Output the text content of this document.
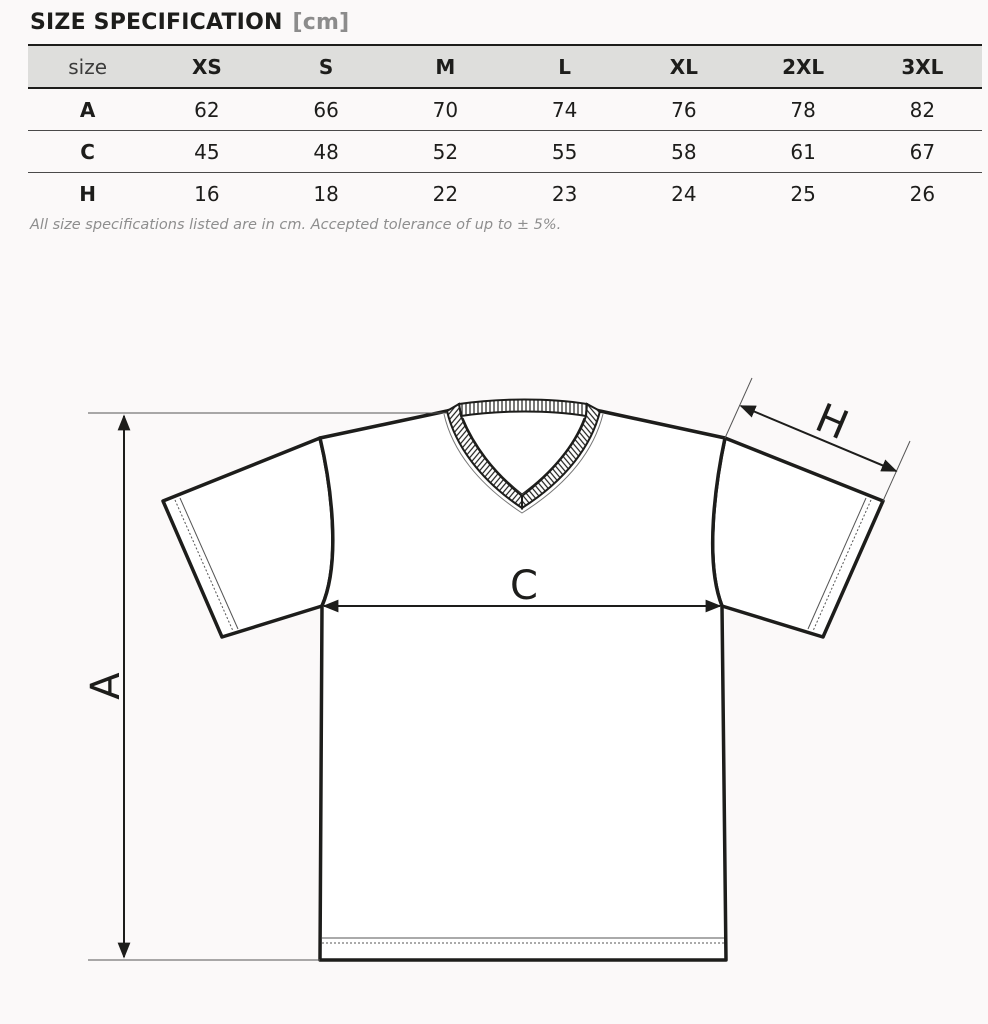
SIZE SPECIFICATION [cm]
size	XS	S	M	L	XL	2XL	3XL
A	62	66	70	74	76	78	82
C	45	48	52	55	58	61	67
H	16	18	22	23	24	25	26
All size specifications listed are in cm. Accepted tolerance of up to ± 5%.
A
C
H
